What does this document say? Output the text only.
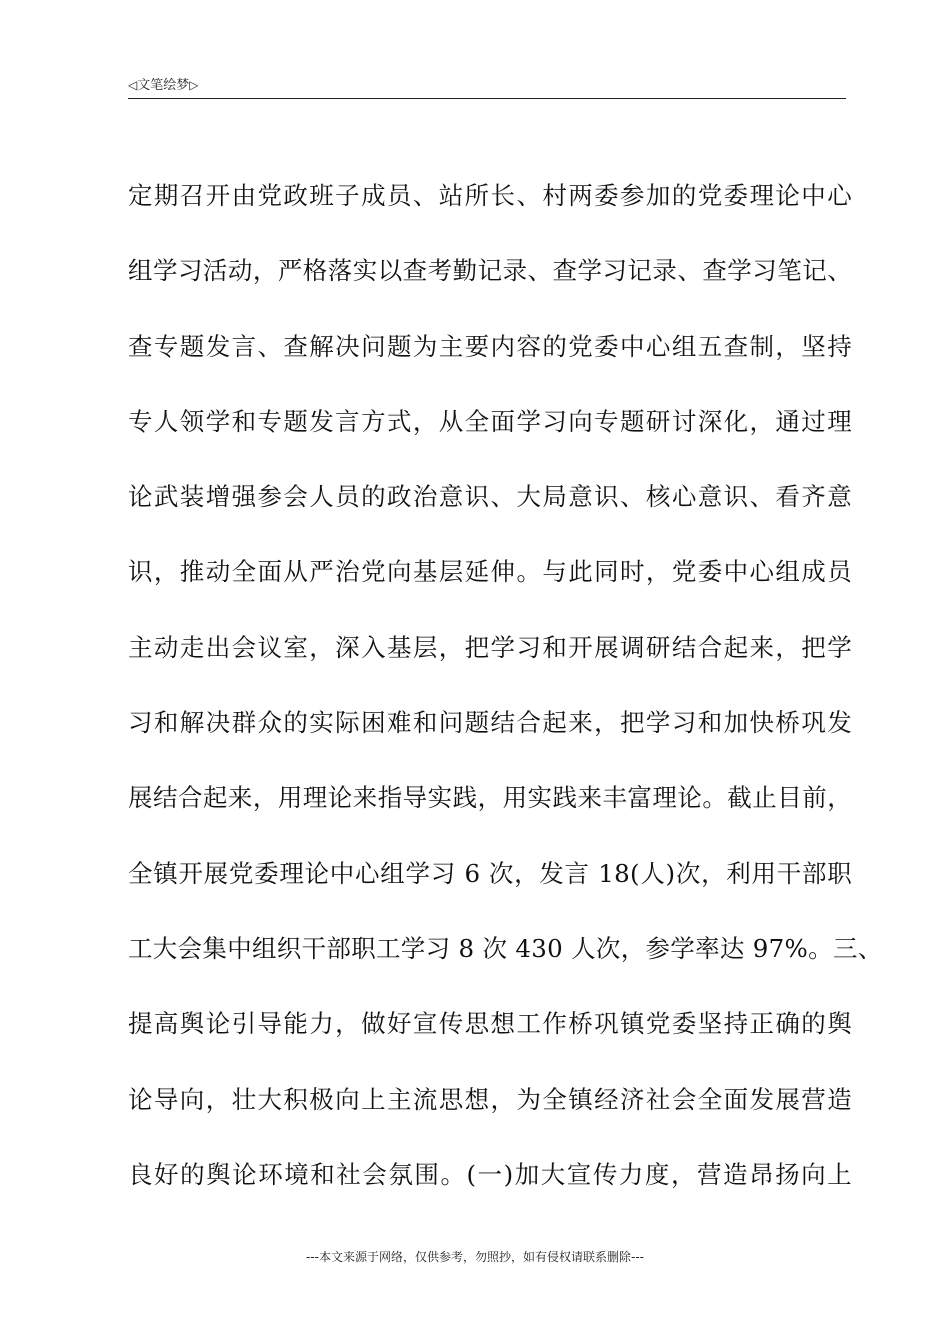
◁文笔绘梦▷
定期召开由党政班子成员、站所长、村两委参加的党委理论中心
组学习活动，严格落实以查考勤记录、查学习记录、查学习笔记、
查专题发言、查解决问题为主要内容的党委中心组五查制，坚持
专人领学和专题发言方式，从全面学习向专题研讨深化，通过理
论武装增强参会人员的政治意识、大局意识、核心意识、看齐意
识，推动全面从严治党向基层延伸。与此同时，党委中心组成员
主动走出会议室，深入基层，把学习和开展调研结合起来，把学
习和解决群众的实际困难和问题结合起来，把学习和加快桥巩发
展结合起来，用理论来指导实践，用实践来丰富理论。截止目前，
全镇开展党委理论中心组学习 6 次，发言 18(人)次，利用干部职
工大会集中组织干部职工学习 8 次 430 人次，参学率达 97%。三、
提高舆论引导能力，做好宣传思想工作桥巩镇党委坚持正确的舆
论导向，壮大积极向上主流思想，为全镇经济社会全面发展营造
良好的舆论环境和社会氛围。(一)加大宣传力度，营造昂扬向上
---本文来源于网络，仅供参考，勿照抄，如有侵权请联系删除---
